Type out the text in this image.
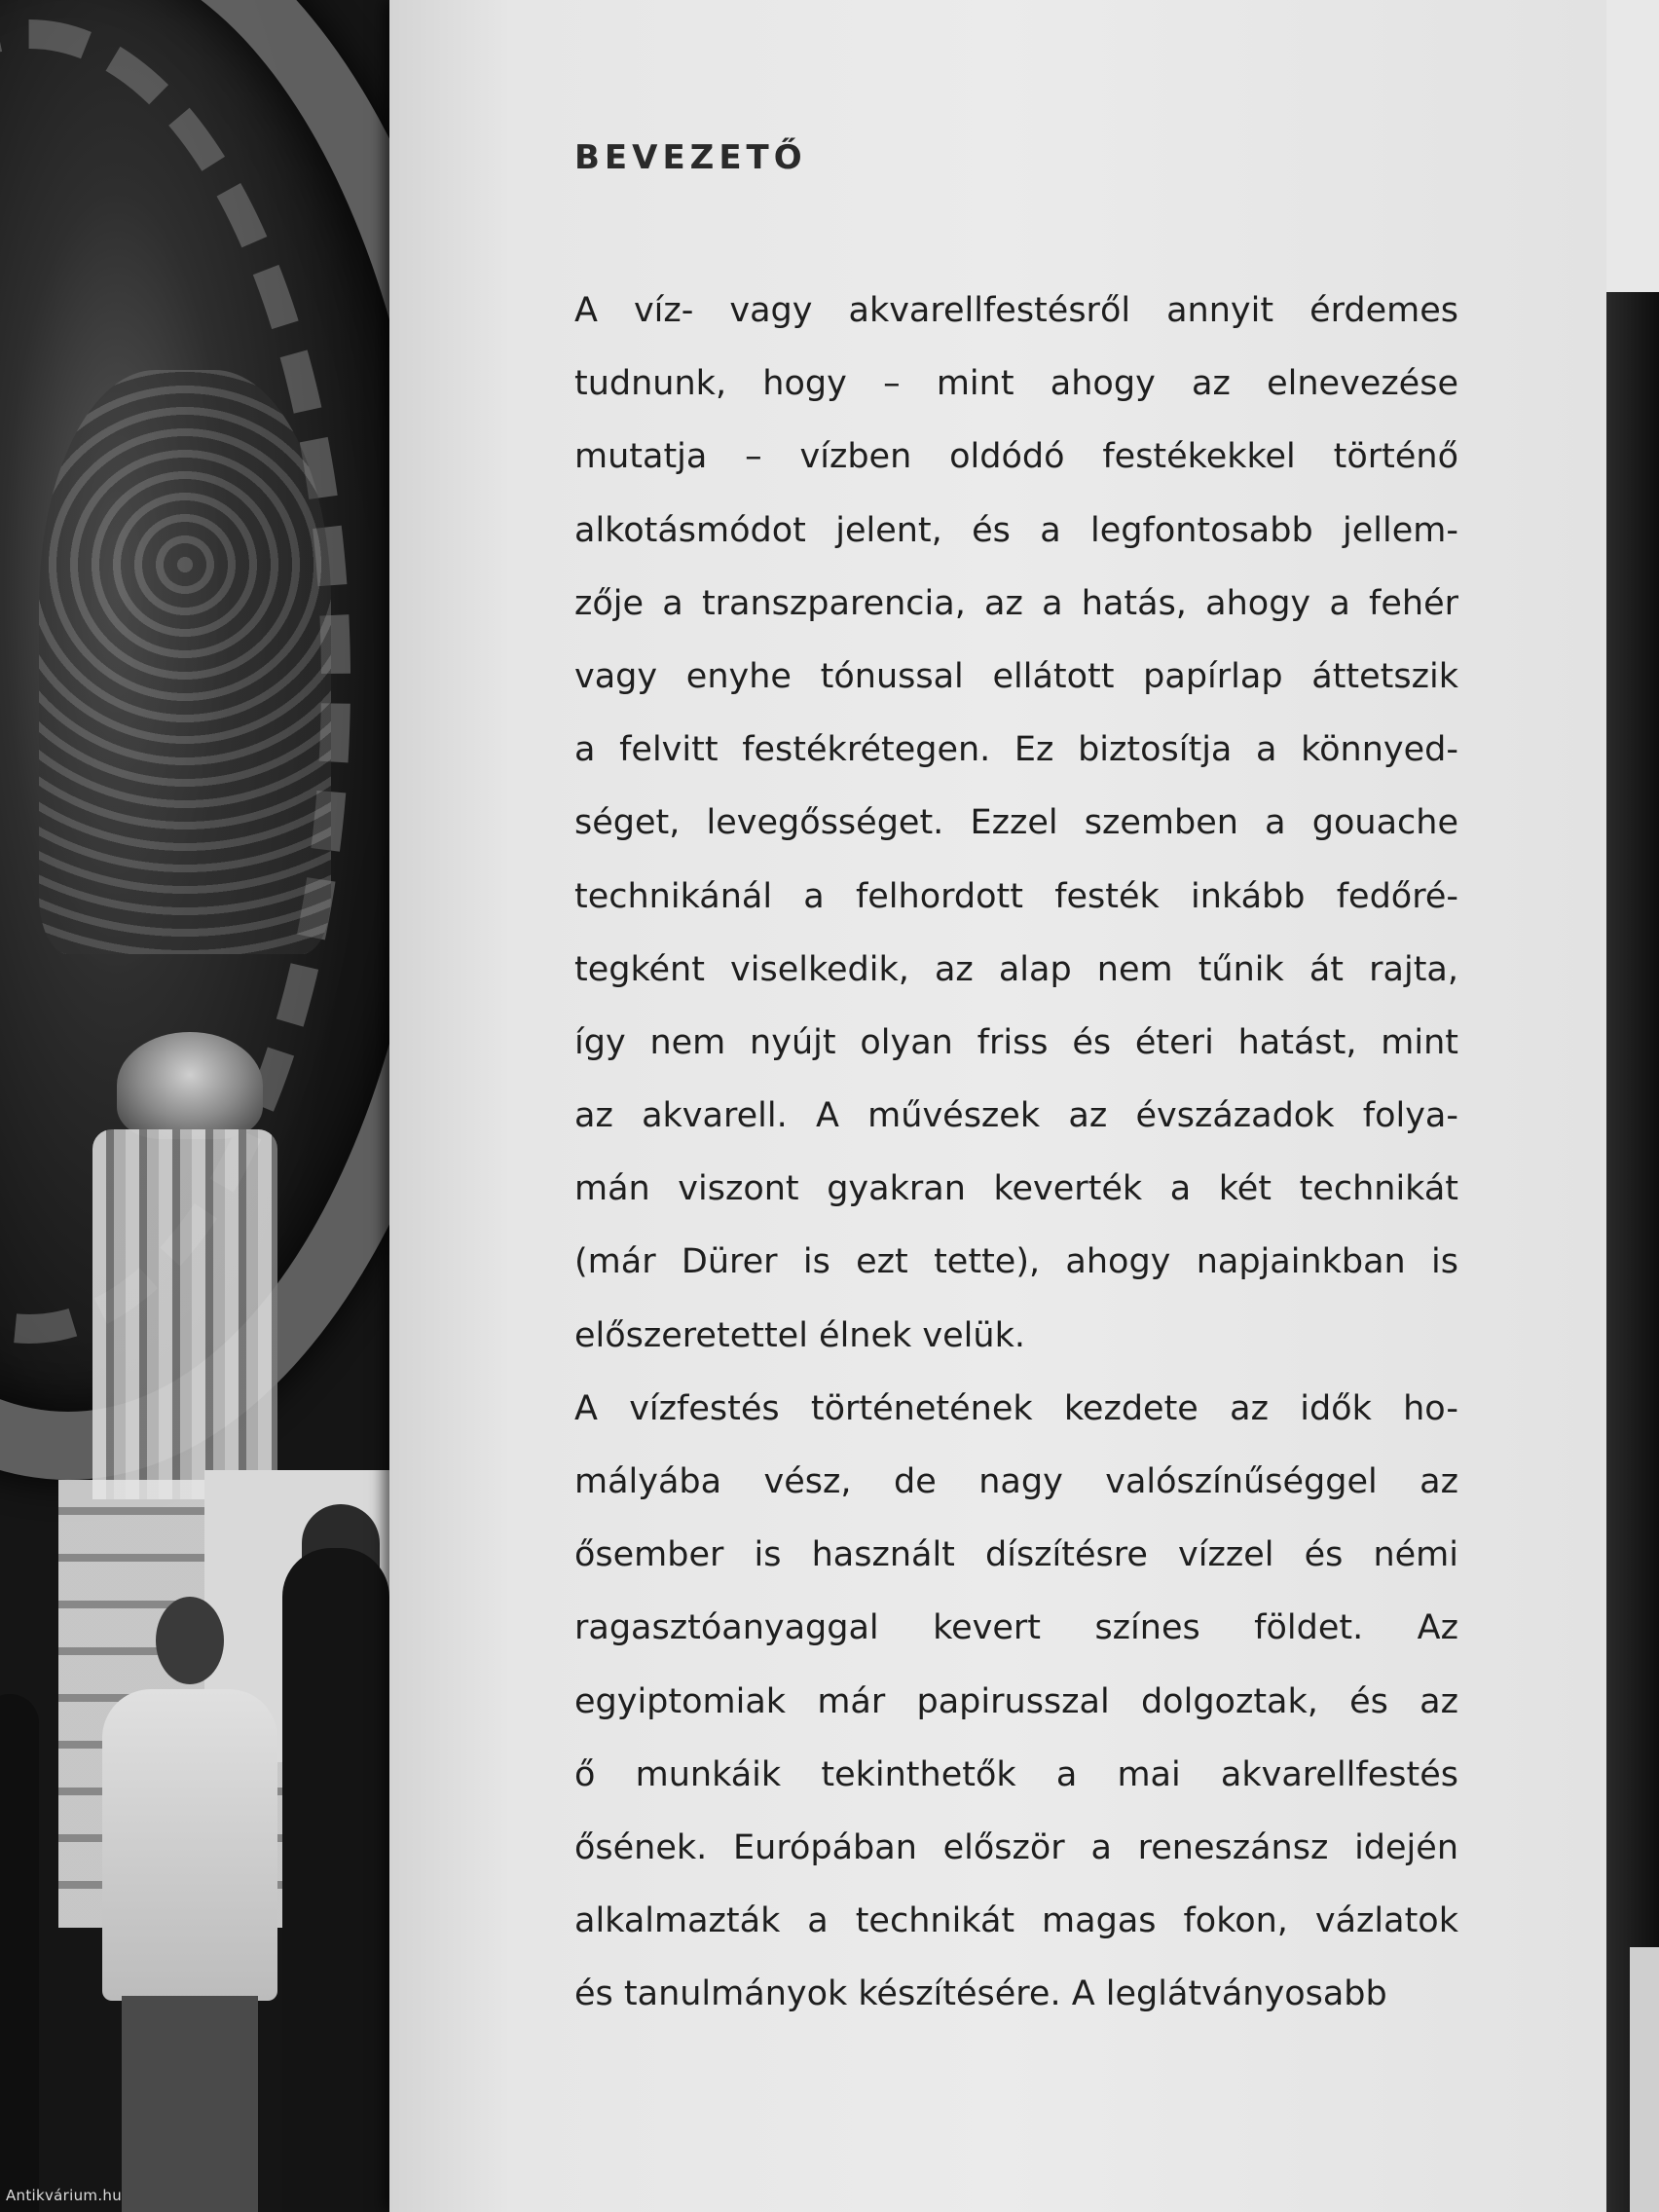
BEVEZETŐ
A víz- vagy akvarellfestésről annyit érdemes
tudnunk, hogy – mint ahogy az elnevezése
mutatja – vízben oldódó festékekkel történő
alkotásmódot jelent, és a legfontosabb jellem-
zője a transzparencia, az a hatás, ahogy a fehér
vagy enyhe tónussal ellátott papírlap áttetszik
a felvitt festékrétegen. Ez biztosítja a könnyed-
séget, levegősséget. Ezzel szemben a gouache
technikánál a felhordott festék inkább fedőré-
tegként viselkedik, az alap nem tűnik át rajta,
így nem nyújt olyan friss és éteri hatást, mint
az akvarell. A művészek az évszázadok folya-
mán viszont gyakran keverték a két technikát
(már Dürer is ezt tette), ahogy napjainkban is
előszeretettel élnek velük.
A vízfestés történetének kezdete az idők ho-
mályába vész, de nagy valószínűséggel az
ősember is használt díszítésre vízzel és némi
ragasztóanyaggal kevert színes földet. Az
egyiptomiak már papirusszal dolgoztak, és az
ő munkáik tekinthetők a mai akvarellfestés
ősének. Európában először a reneszánsz idején
alkalmazták a technikát magas fokon, vázlatok
és tanulmányok készítésére. A leglátványosabb
Antikvárium.hu
